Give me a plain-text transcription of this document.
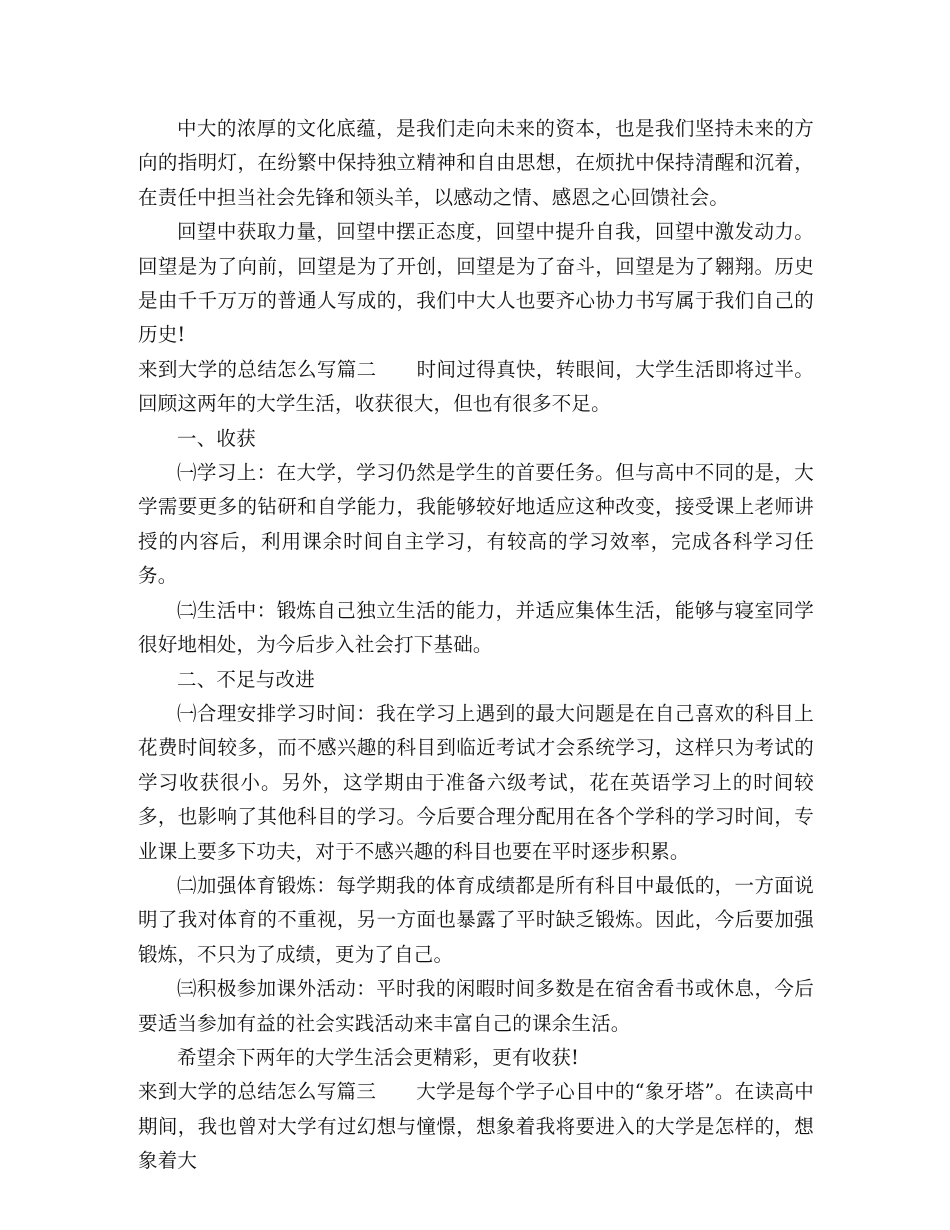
中大的浓厚的文化底蕴，是我们走向未来的资本，也是我们坚持未来的方向的指明灯，在纷繁中保持独立精神和自由思想，在烦扰中保持清醒和沉着，在责任中担当社会先锋和领头羊，以感动之情、感恩之心回馈社会。

回望中获取力量，回望中摆正态度，回望中提升自我，回望中激发动力。回望是为了向前，回望是为了开创，回望是为了奋斗，回望是为了翱翔。历史是由千千万万的普通人写成的，我们中大人也要齐心协力书写属于我们自己的历史!

来到大学的总结怎么写篇二 时间过得真快，转眼间，大学生活即将过半。回顾这两年的大学生活，收获很大，但也有很多不足。

一、收获

㈠学习上：在大学，学习仍然是学生的首要任务。但与高中不同的是，大学需要更多的钻研和自学能力，我能够较好地适应这种改变，接受课上老师讲授的内容后，利用课余时间自主学习，有较高的学习效率，完成各科学习任务。

㈡生活中：锻炼自己独立生活的能力，并适应集体生活，能够与寝室同学很好地相处，为今后步入社会打下基础。

二、不足与改进

㈠合理安排学习时间：我在学习上遇到的最大问题是在自己喜欢的科目上花费时间较多，而不感兴趣的科目到临近考试才会系统学习，这样只为考试的学习收获很小。另外，这学期由于准备六级考试，花在英语学习上的时间较多，也影响了其他科目的学习。今后要合理分配用在各个学科的学习时间，专业课上要多下功夫，对于不感兴趣的科目也要在平时逐步积累。

㈡加强体育锻炼：每学期我的体育成绩都是所有科目中最低的，一方面说明了我对体育的不重视，另一方面也暴露了平时缺乏锻炼。因此，今后要加强锻炼，不只为了成绩，更为了自己。

㈢积极参加课外活动：平时我的闲暇时间多数是在宿舍看书或休息，今后要适当参加有益的社会实践活动来丰富自己的课余生活。

希望余下两年的大学生活会更精彩，更有收获!

来到大学的总结怎么写篇三 大学是每个学子心目中的“象牙塔”。在读高中期间，我也曾对大学有过幻想与憧憬，想象着我将要进入的大学是怎样的，想象着大
